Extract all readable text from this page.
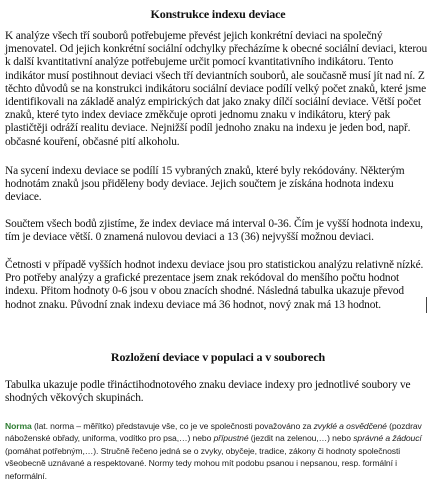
Konstrukce indexu deviace

K analýze všech tří souborů potřebujeme převést jejich konkrétní deviaci na společný jmenovatel. Od jejich konkrétní sociální odchylky přecházíme k obecné sociální deviaci, kterou k další kvantitativní analýze potřebujeme určit pomocí kvantitativního indikátoru. Tento indikátor musí postihnout deviaci všech tří deviantních souborů, ale současně musí jít nad ní. Z těchto důvodů se na konstrukci indikátoru sociální deviace podílí velký počet znaků, které jsme identifikovali na základě analýz empirických dat jako znaky dílčí sociální deviace. Větší počet znaků, které tyto index deviace změkčuje oproti jednomu znaku v indikátoru, který pak plastičtěji odráží realitu deviace. Nejnižší podíl jednoho znaku na indexu je jeden bod, např. občasné kouření, občasné pití alkoholu.

Na sycení indexu deviace se podílí 15 vybraných znaků, které byly rekódovány. Některým hodnotám znaků jsou přiděleny body deviace. Jejich součtem je získána hodnota indexu deviace.

Součtem všech bodů zjistíme, že index deviace má interval 0-36. Čím je vyšší hodnota indexu, tím je deviace větší. 0 znamená nulovou deviaci a 13 (36) nejvyšší možnou deviaci.

Četnosti v případě vyšších hodnot indexu deviace jsou pro statistickou analýzu relativně nízké. Pro potřeby analýzy a grafické prezentace jsem znak rekódoval do menšího počtu hodnot indexu. Přitom hodnoty 0-6 jsou v obou znacích shodné. Následná tabulka ukazuje převod hodnot znaku. Původní znak indexu deviace má 36 hodnot, nový znak má 13 hodnot.

Rozložení deviace v populaci a v souborech

Tabulka ukazuje podle třináctihodnotového znaku deviace indexy pro jednotlivé soubory ve shodných věkových skupinách.

Norma (lat. norma – měřítko) představuje vše, co je ve společnosti považováno za zvyklé a osvědčené (pozdrav
náboženské obřady, uniforma, vodítko pro psa,…) nebo přípustné (jezdit na zelenou,…) nebo správné a žádoucí
(pomáhat potřebným,…). Stručně řečeno jedná se o zvyky, obyčeje, tradice, zákony či hodnoty společnosti
všeobecně uznávané a respektované. Normy tedy mohou mít podobu psanou i nepsanou, resp. formální i
neformální.
